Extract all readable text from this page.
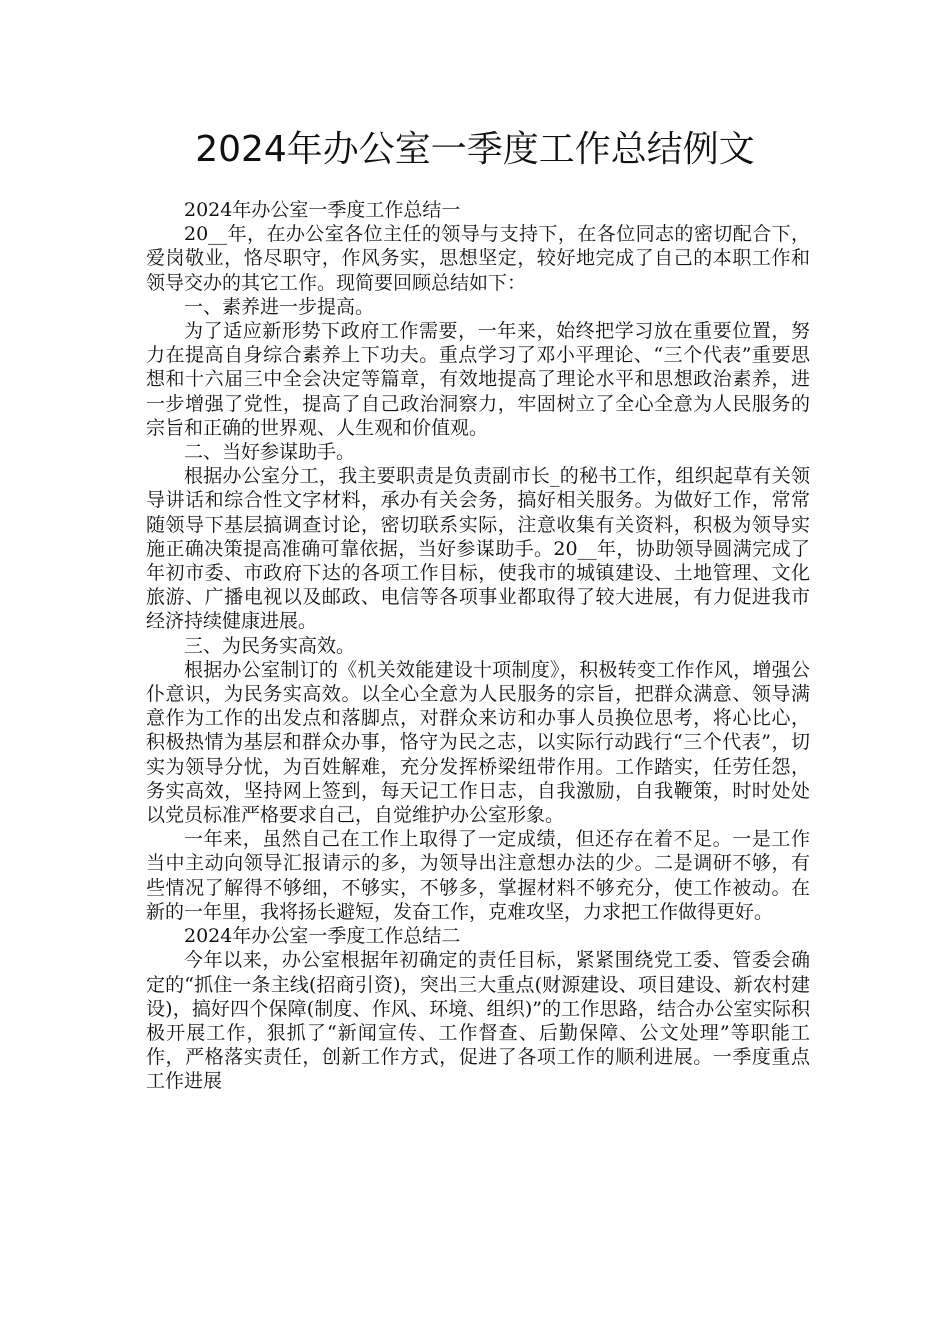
2024年办公室一季度工作总结例文

2024年办公室一季度工作总结一

20__年，在办公室各位主任的领导与支持下，在各位同志的密切配合下，爱岗敬业，恪尽职守，作风务实，思想坚定，较好地完成了自己的本职工作和领导交办的其它工作。现简要回顾总结如下：

一、素养进一步提高。

为了适应新形势下政府工作需要，一年来，始终把学习放在重要位置，努力在提高自身综合素养上下功夫。重点学习了邓小平理论、“三个代表”重要思想和十六届三中全会决定等篇章，有效地提高了理论水平和思想政治素养，进一步增强了党性，提高了自己政治洞察力，牢固树立了全心全意为人民服务的宗旨和正确的世界观、人生观和价值观。

二、当好参谋助手。

根据办公室分工，我主要职责是负责副市长_的秘书工作，组织起草有关领导讲话和综合性文字材料，承办有关会务，搞好相关服务。为做好工作，常常随领导下基层搞调查讨论，密切联系实际，注意收集有关资料，积极为领导实施正确决策提高准确可靠依据，当好参谋助手。20__年，协助领导圆满完成了年初市委、市政府下达的各项工作目标，使我市的城镇建设、土地管理、文化旅游、广播电视以及邮政、电信等各项事业都取得了较大进展，有力促进我市经济持续健康进展。

三、为民务实高效。

根据办公室制订的《机关效能建设十项制度》，积极转变工作作风，增强公仆意识，为民务实高效。以全心全意为人民服务的宗旨，把群众满意、领导满意作为工作的出发点和落脚点，对群众来访和办事人员换位思考，将心比心，积极热情为基层和群众办事，恪守为民之志，以实际行动践行“三个代表”，切实为领导分忧，为百姓解难，充分发挥桥梁纽带作用。工作踏实，任劳任怨，务实高效，坚持网上签到，每天记工作日志，自我激励，自我鞭策，时时处处以党员标准严格要求自己，自觉维护办公室形象。

一年来，虽然自己在工作上取得了一定成绩，但还存在着不足。一是工作当中主动向领导汇报请示的多，为领导出注意想办法的少。二是调研不够，有些情况了解得不够细，不够实，不够多，掌握材料不够充分，使工作被动。在新的一年里，我将扬长避短，发奋工作，克难攻坚，力求把工作做得更好。

2024年办公室一季度工作总结二

今年以来，办公室根据年初确定的责任目标，紧紧围绕党工委、管委会确定的“抓住一条主线(招商引资)，突出三大重点(财源建设、项目建设、新农村建设)，搞好四个保障(制度、作风、环境、组织)”的工作思路，结合办公室实际积极开展工作，狠抓了“新闻宣传、工作督查、后勤保障、公文处理”等职能工作，严格落实责任，创新工作方式，促进了各项工作的顺利进展。一季度重点工作进展
